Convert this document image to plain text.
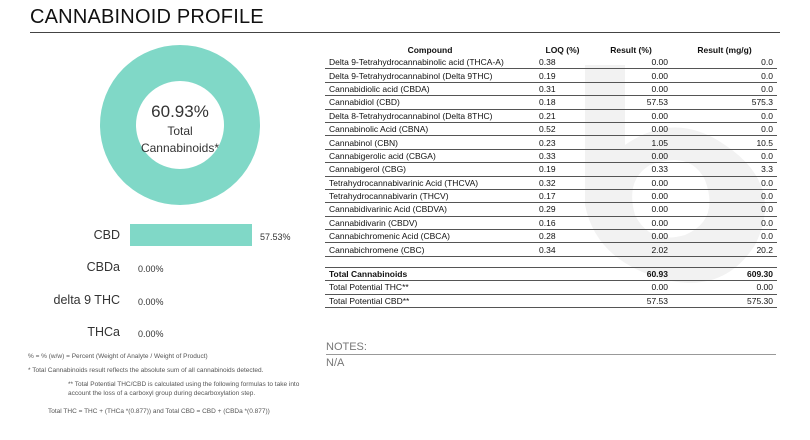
CANNABINOID PROFILE
60.93%
Total
Cannabinoids*
CBD	57.53%
CBDa 0.00%
delta 9 THC 0.00%
THCa 0.00%
% = % (w/w) = Percent (Weight of Analyte / Weight of Product)
* Total Cannabinoids result reflects the absolute sum of all cannabinoids detected.
** Total Potential THC/CBD is calculated using the following formulas to take into account the loss of a carboxyl group during decarboxylation step.
Total THC = THC + (THCa *(0.877)) and Total CBD = CBD + (CBDa *(0.877))
Compound	LOQ (%)	Result (%)	Result (mg/g)
Delta 9-Tetrahydrocannabinolic acid (THCA-A)	0.38	0.00	0.0
Delta 9-Tetrahydrocannabinol (Delta 9THC)	0.19	0.00	0.0
Cannabidiolic acid (CBDA)	0.31	0.00	0.0
Cannabidiol (CBD)	0.18	57.53	575.3
Delta 8-Tetrahydrocannabinol (Delta 8THC)	0.21	0.00	0.0
Cannabinolic Acid (CBNA)	0.52	0.00	0.0
Cannabinol (CBN)	0.23	1.05	10.5
Cannabigerolic acid (CBGA)	0.33	0.00	0.0
Cannabigerol (CBG)	0.19	0.33	3.3
Tetrahydrocannabivarinic Acid (THCVA)	0.32	0.00	0.0
Tetrahydrocannabivarin (THCV)	0.17	0.00	0.0
Cannabidivarinic Acid (CBDVA)	0.29	0.00	0.0
Cannabidivarin (CBDV)	0.16	0.00	0.0
Cannabichromenic Acid (CBCA)	0.28	0.00	0.0
Cannabichromene (CBC)	0.34	2.02	20.2

Total Cannabinoids		60.93	609.30
Total Potential THC**		0.00	0.00
Total Potential CBD**		57.53	575.30
NOTES:
N/A
